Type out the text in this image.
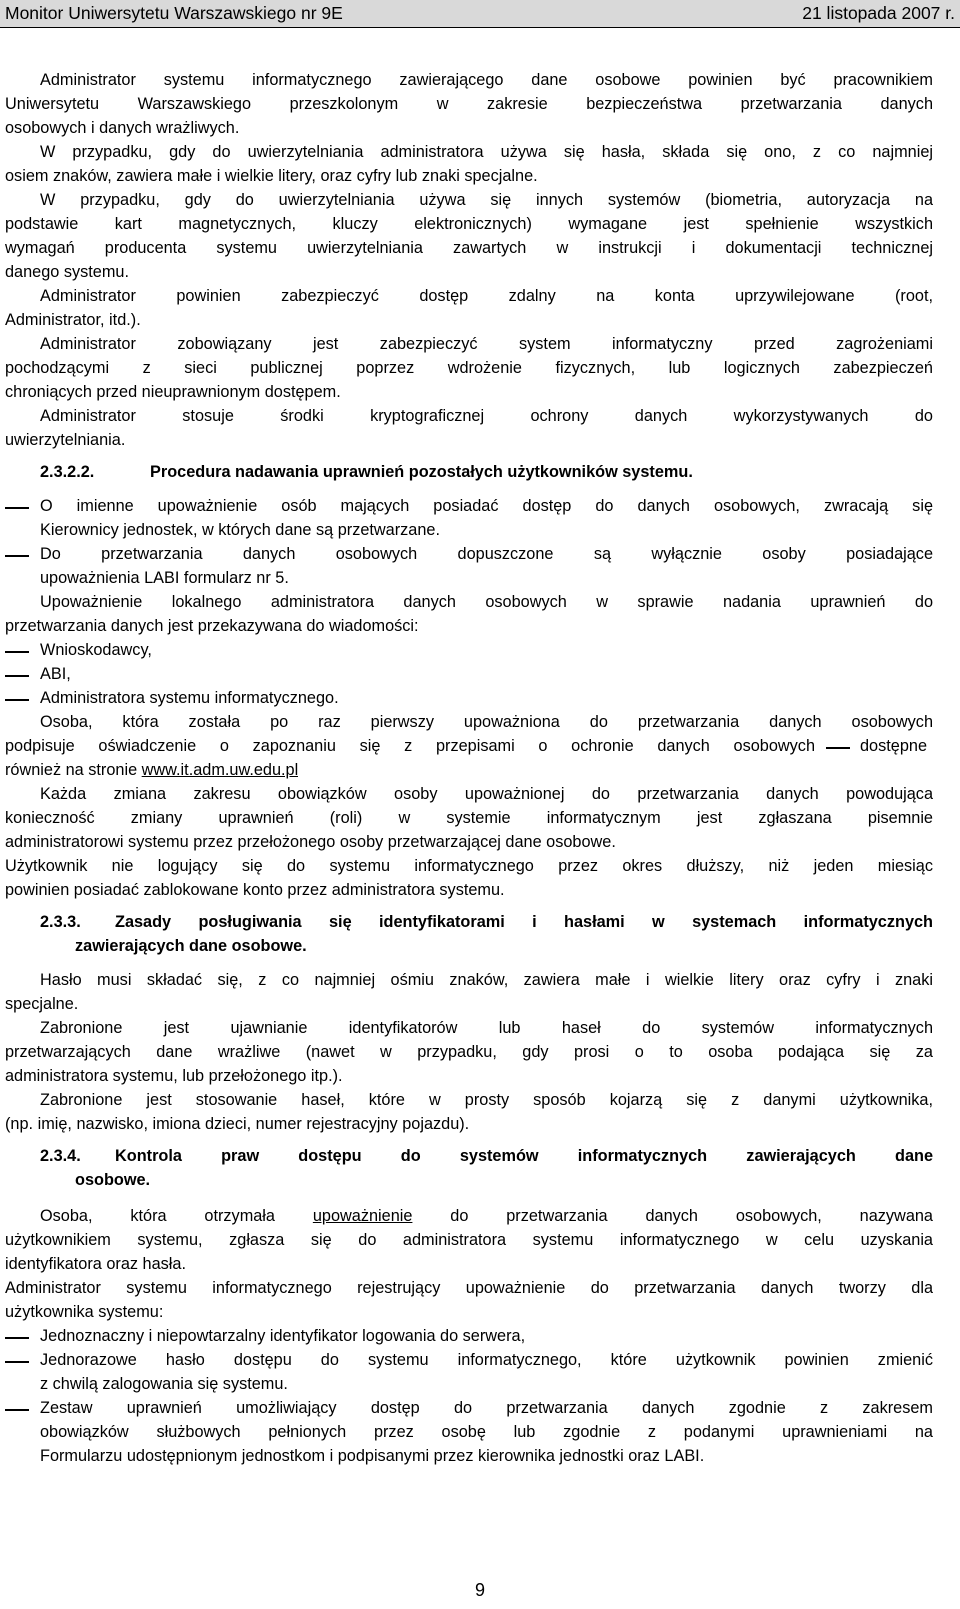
Monitor Uniwersytetu Warszawskiego nr 9E	21 listopada 2007 r.
Administrator systemu informatycznego zawierającego dane osobowe powinien być pracownikiem
Uniwersytetu Warszawskiego przeszkolonym w zakresie bezpieczeństwa przetwarzania danych
osobowych i danych wrażliwych.
W przypadku, gdy do uwierzytelniania administratora używa się hasła, składa się ono, z co najmniej
osiem znaków, zawiera małe i wielkie litery, oraz cyfry lub znaki specjalne.
W przypadku, gdy do uwierzytelniania używa się innych systemów (biometria, autoryzacja na
podstawie kart magnetycznych, kluczy elektronicznych) wymagane jest spełnienie wszystkich
wymagań producenta systemu uwierzytelniania zawartych w instrukcji i dokumentacji technicznej
danego systemu.
Administrator powinien zabezpieczyć dostęp zdalny na konta uprzywilejowane (root,
Administrator, itd.).
Administrator zobowiązany jest zabezpieczyć system informatyczny przed zagrożeniami
pochodzącymi z sieci publicznej poprzez wdrożenie fizycznych, lub logicznych zabezpieczeń
chroniących przed nieuprawnionym dostępem.
Administrator stosuje środki kryptograficznej ochrony danych wykorzystywanych do
uwierzytelniania.
2.3.2.2.	Procedura nadawania uprawnień pozostałych użytkowników systemu.
O imienne upoważnienie osób mających posiadać dostęp do danych osobowych, zwracają się
Kierownicy jednostek, w których dane są przetwarzane.
Do przetwarzania danych osobowych dopuszczone są wyłącznie osoby posiadające
upoważnienia LABI formularz nr 5.
Upoważnienie lokalnego administratora danych osobowych w sprawie nadania uprawnień do
przetwarzania danych jest przekazywana do wiadomości:
Wnioskodawcy,
ABI,
Administratora systemu informatycznego.
Osoba, która została po raz pierwszy upoważniona do przetwarzania danych osobowych
podpisuje oświadczenie o zapoznaniu się z przepisami o ochronie danych osobowych	dostępne
również na stronie www.it.adm.uw.edu.pl
Każda zmiana zakresu obowiązków osoby upoważnionej do przetwarzania danych powodująca
konieczność zmiany uprawnień (roli) w systemie informatycznym jest zgłaszana pisemnie
administratorowi systemu przez przełożonego osoby przetwarzającej dane osobowe.
Użytkownik nie logujący się do systemu informatycznego przez okres dłuższy, niż jeden miesiąc
powinien posiadać zablokowane konto przez administratora systemu.
2.3.3. Zasady posługiwania się identyfikatorami i hasłami w systemach informatycznych
zawierających dane osobowe.
Hasło musi składać się, z co najmniej ośmiu znaków, zawiera małe i wielkie litery oraz cyfry i znaki
specjalne.
Zabronione jest ujawnianie identyfikatorów lub haseł do systemów informatycznych
przetwarzających dane wrażliwe (nawet w przypadku, gdy prosi o to osoba podająca się za
administratora systemu, lub przełożonego itp.).
Zabronione jest stosowanie haseł, które w prosty sposób kojarzą się z danymi użytkownika,
(np. imię, nazwisko, imiona dzieci, numer rejestracyjny pojazdu).
2.3.4. Kontrola praw dostępu do systemów informatycznych zawierających dane
osobowe.
Osoba, która otrzymała upoważnienie do przetwarzania danych osobowych, nazywana
użytkownikiem systemu, zgłasza się do administratora systemu informatycznego w celu uzyskania
identyfikatora oraz hasła.
Administrator systemu informatycznego rejestrujący upoważnienie do przetwarzania danych tworzy dla
użytkownika systemu:
Jednoznaczny i niepowtarzalny identyfikator logowania do serwera,
Jednorazowe hasło dostępu do systemu informatycznego, które użytkownik powinien zmienić
z chwilą zalogowania się systemu.
Zestaw uprawnień umożliwiający dostęp do przetwarzania danych zgodnie z zakresem
obowiązków służbowych pełnionych przez osobę lub zgodnie z podanymi uprawnieniami na
Formularzu udostępnionym jednostkom i podpisanymi przez kierownika jednostki oraz LABI.
9
